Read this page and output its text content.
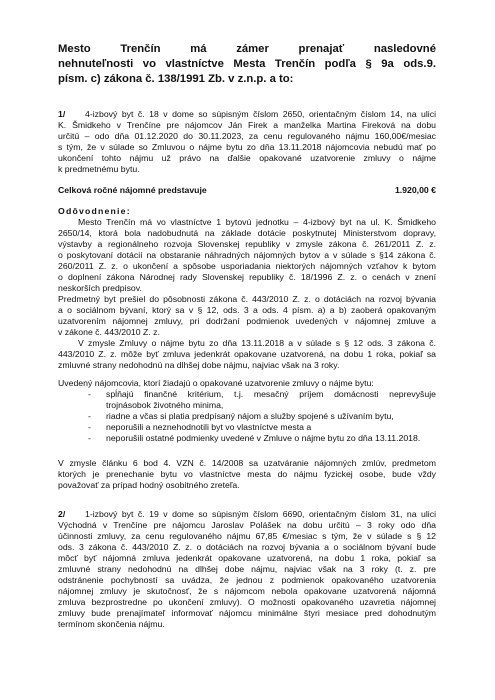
Mesto Trenčín má zámer prenajať nasledovné
nehnuteľnosti vo vlastníctve Mesta Trenčín podľa § 9a ods.9.
písm. c) zákona č. 138/1991 Zb. v z.n.p. a to:
1/	4-izbový byt č. 18 v dome so súpisným číslom 2650, orientačným číslom 14, na ulici
K. Šmidkeho v Trenčíne pre nájomcov Ján Firek a manželka Martina Fireková na dobu
určitú – odo dňa 01.12.2020 do 30.11.2023, za cenu regulovaného nájmu 160,00€/mesiac
s tým, že v súlade so Zmluvou o nájme bytu zo dňa 13.11.2018 nájomcovia nebudú mať po
ukončení tohto nájmu už právo na ďalšie opakované uzatvorenie zmluvy o nájme
k predmetnému bytu.
Celková ročné nájomné predstavuje	1.920,00 €
Odôvodnenie:
Mesto Trenčín má vo vlastníctve 1 bytovú jednotku – 4-izbový byt na ul. K. Šmidkeho
2650/14, ktorá bola nadobudnutá na základe dotácie poskytnutej Ministerstvom dopravy,
výstavby a regionálneho rozvoja Slovenskej republiky v zmysle zákona č. 261/2011 Z. z.
o poskytovaní dotácií na obstaranie náhradných nájomných bytov a v súlade s §14 zákona č.
260/2011 Z. z. o ukončení a spôsobe usporiadania niektorých nájomných vzťahov k bytom
o doplnení zákona Národnej rady Slovenskej republiky č. 18/1996 Z. z. o cenách v znení
neskorších predpisov.
Predmetný byt prešiel do pôsobnosti zákona č. 443/2010 Z. z. o dotáciách na rozvoj bývania
a o sociálnom bývaní, ktorý sa v § 12, ods. 3 a ods. 4 písm. a) a b) zaoberá opakovaným
uzatvorením nájomnej zmluvy, pri dodržaní podmienok uvedených v nájomnej zmluve a
v zákone č. 443/2010 Z. z.
V zmysle Zmluvy o nájme bytu zo dňa 13.11.2018 a v súlade s § 12 ods. 3 zákona č.
443/2010 Z. z. môže byť zmluva jedenkrát opakovane uzatvorená, na dobu 1 roka, pokiaľ sa
zmluvné strany nedohodnú na dlhšej dobe nájmu, najviac však na 3 roky.
Uvedený nájomcovia, ktorí žiadajú o opakované uzatvorenie zmluvy o nájme bytu:
- spĺňajú finančné kritérium, t.j. mesačný príjem domácnosti neprevyšuje
trojnásobok životného minima,
- riadne a včas si platia predpísaný nájom a služby spojené s užívaním bytu,
- neporušili a neznehodnotili byt vo vlastníctve mesta a
- neporušili ostatné podmienky uvedené v Zmluve o nájme bytu zo dňa 13.11.2018.
V zmysle článku 6 bod 4. VZN č. 14/2008 sa uzatváranie nájomných zmlúv, predmetom
ktorých je prenechanie bytu vo vlastníctve mesta do nájmu fyzickej osobe, bude vždy
považovať za prípad hodný osobitného zreteľa.
2/	1-izbový byt č. 19 v dome so súpisným číslom 6690, orientačným číslom 31, na ulici
Východná v Trenčíne pre nájomcu Jaroslav Polášek na dobu určitú – 3 roky odo dňa
účinnosti zmluvy, za cenu regulovaného nájmu 67,85 €/mesiac s tým, že v súlade s § 12
ods. 3 zákona č. 443/2010 Z. z. o dotáciách na rozvoj bývania a o sociálnom bývaní bude
môcť byť nájomná zmluva jedenkrát opakovane uzatvorená, na dobu 1 roka, pokiaľ sa
zmluvné strany nedohodnú na dlhšej dobe nájmu, najviac však na 3 roky (t. z. pre
odstránenie pochybností sa uvádza, že jednou z podmienok opakovaného uzatvorenia
nájomnej zmluvy je skutočnosť, že s nájomcom nebola opakovane uzatvorená nájomná
zmluva bezprostredne po ukončení zmluvy). O možnosti opakovaného uzavretia nájomnej
zmluvy bude prenajímateľ informovať nájomcu minimálne štyri mesiace pred dohodnutým
termínom skončenia nájmu.
